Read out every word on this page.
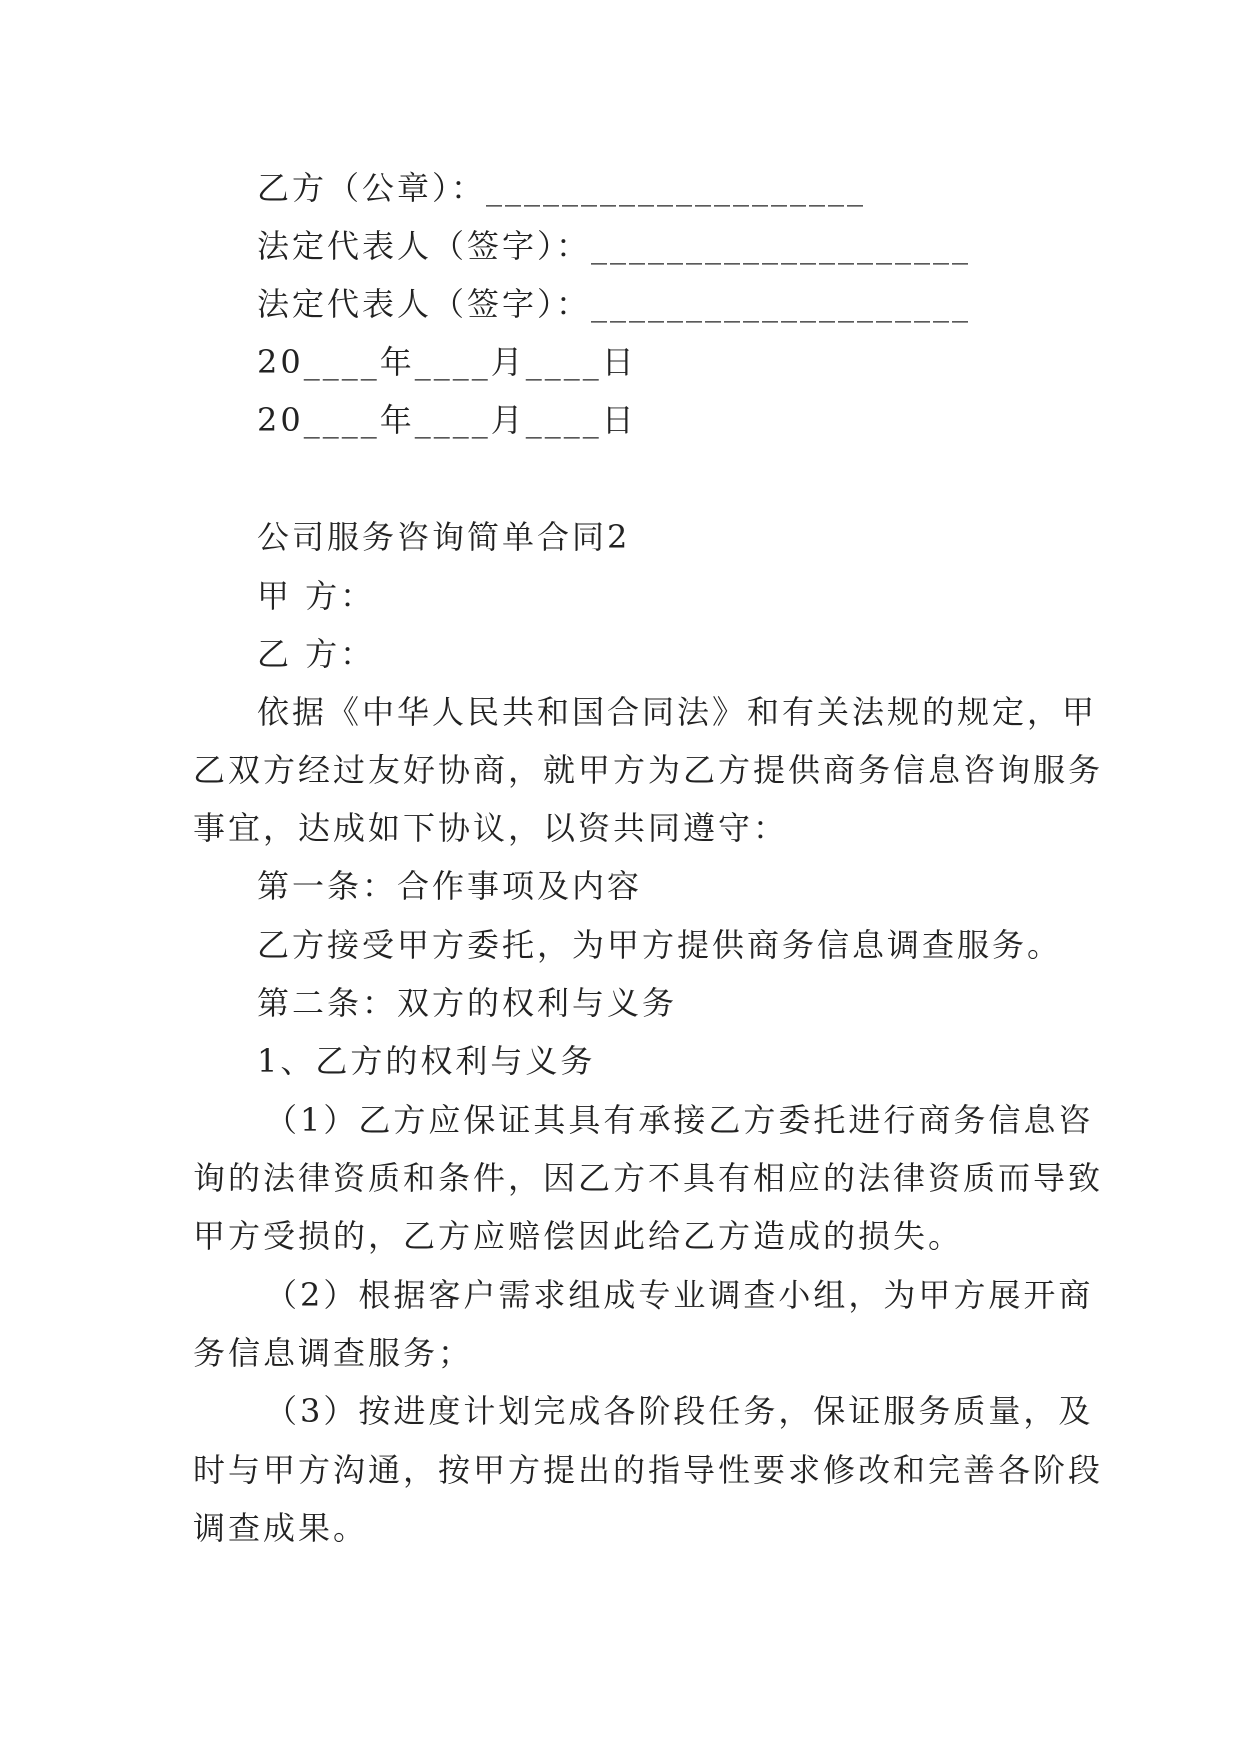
乙方（公章）：____________________
法定代表人（签字）：____________________
法定代表人（签字）：____________________
20____年____月____日
20____年____月____日
公司服务咨询简单合同2
甲 方：
乙 方：
依据《中华人民共和国合同法》和有关法规的规定，甲
乙双方经过友好协商，就甲方为乙方提供商务信息咨询服务
事宜，达成如下协议，以资共同遵守：
第一条：合作事项及内容
乙方接受甲方委托，为甲方提供商务信息调查服务。
第二条：双方的权利与义务
1、乙方的权利与义务
（1）乙方应保证其具有承接乙方委托进行商务信息咨
询的法律资质和条件，因乙方不具有相应的法律资质而导致
甲方受损的，乙方应赔偿因此给乙方造成的损失。
（2）根据客户需求组成专业调查小组，为甲方展开商
务信息调查服务；
（3）按进度计划完成各阶段任务，保证服务质量，及
时与甲方沟通，按甲方提出的指导性要求修改和完善各阶段
调查成果。
